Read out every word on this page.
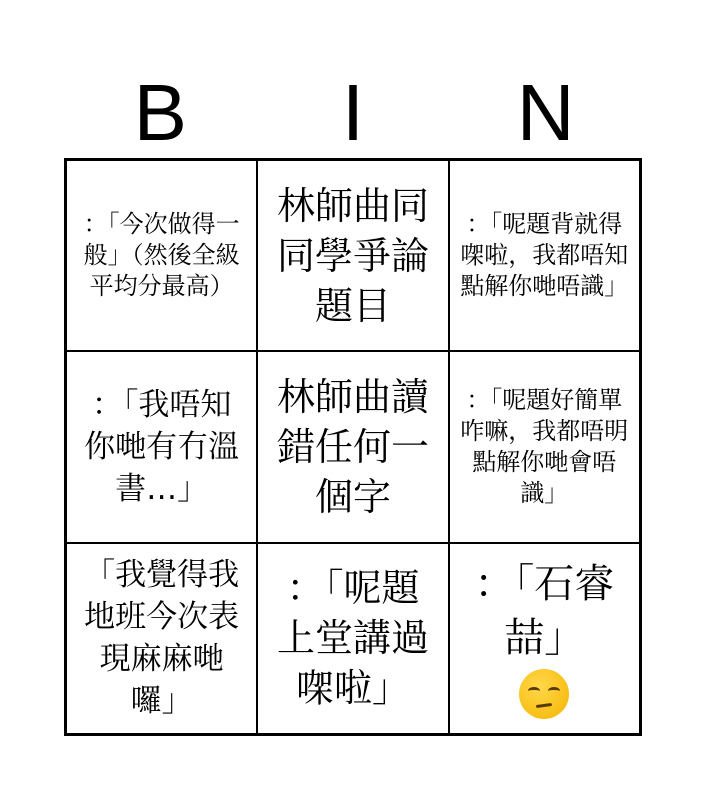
B	I	N
：「今次做得一般」（然後全級平均分最高）
林師曲同同學爭論題目
：「呢題背就得㗎啦，我都唔知點解你哋唔識」
：「我唔知你哋有冇溫書…」
林師曲讀錯任何一個字
：「呢題好簡單咋嘛，我都唔明點解你哋會唔識」
「我覺得我地班今次表現麻麻哋囉」
：「呢題上堂講過㗎啦」
：「石睿喆」
